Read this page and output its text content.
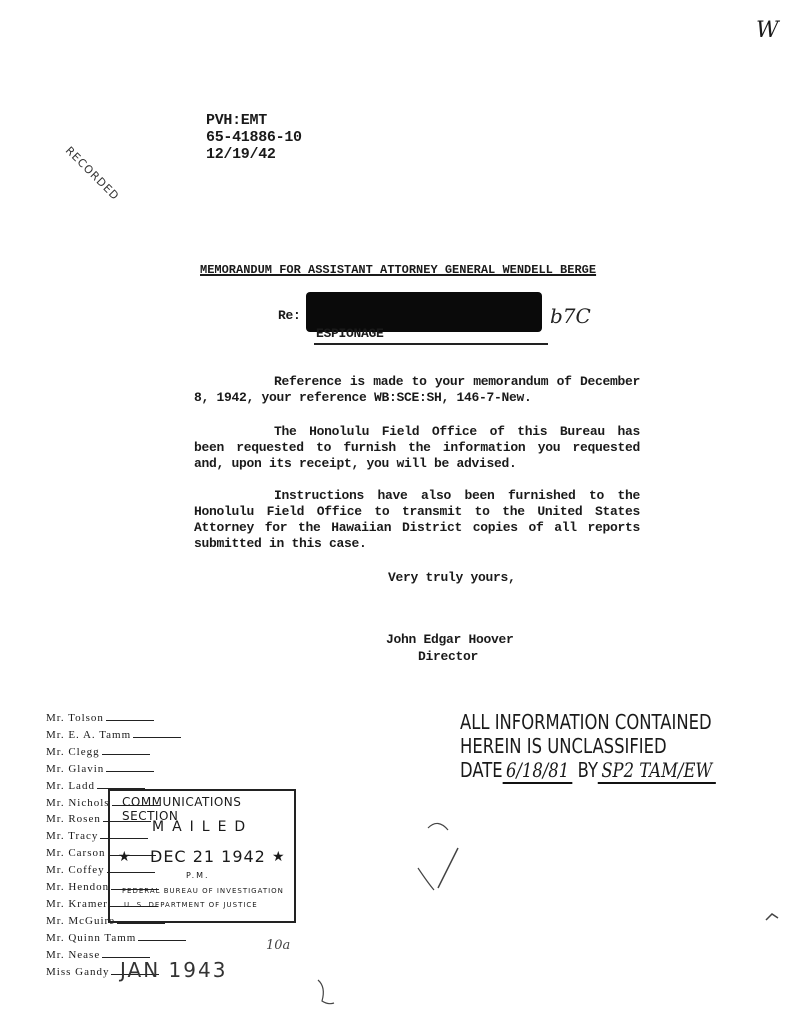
W
PVH:EMT
65-41886-10
12/19/42
RECORDED
MEMORANDUM FOR ASSISTANT ATTORNEY GENERAL WENDELL BERGE
Re:
ESPIONAGE
b7C

Reference is made to your memorandum of December 8, 1942, your reference WB:SCE:SH, 146-7-New.

The Honolulu Field Office of this Bureau has been requested to furnish the information you requested and, upon its receipt, you will be advised.

Instructions have also been furnished to the Honolulu Field Office to transmit to the United States Attorney for the Hawaiian District copies of all reports submitted in this case.

Very truly yours,
John Edgar Hoover
Director
Mr. Tolson
Mr. E. A. Tamm
Mr. Clegg
Mr. Glavin
Mr. Ladd
Mr. Nichols
Mr. Rosen
Mr. Tracy
Mr. Carson
Mr. Coffey
Mr. Hendon
Mr. Kramer
Mr. McGuire
Mr. Quinn Tamm
Mr. Nease
Miss Gandy
COMMUNICATIONS SECTION
MAILED
★ DEC 21 1942 ★
P.M.
FEDERAL BUREAU OF INVESTIGATION
U. S. DEPARTMENT OF JUSTICE
JAN 1943
10a
ALL INFORMATION CONTAINED
HEREIN IS UNCLASSIFIED
DATE 6/18/81 BY SP2 TAM/EW
